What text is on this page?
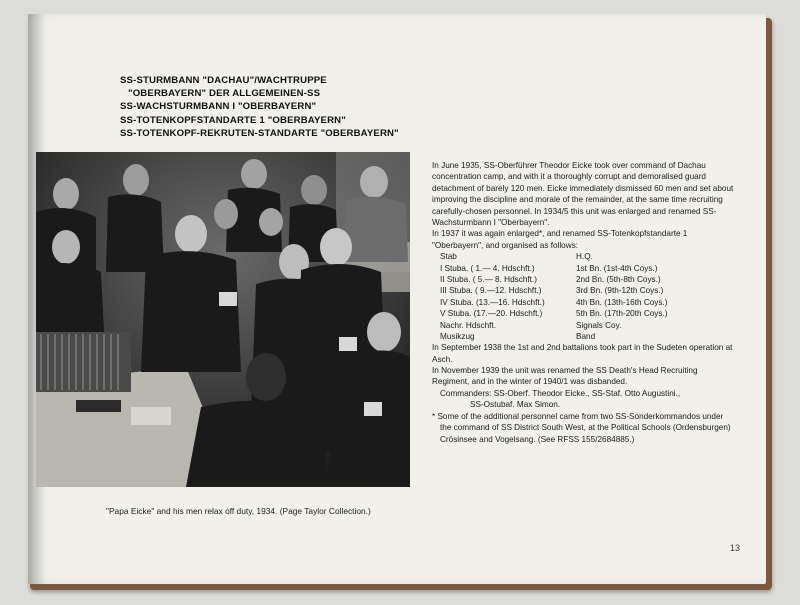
SS-STURMBANN "DACHAU"/WACHTRUPPE
"OBERBAYERN" DER ALLGEMEINEN-SS
SS-WACHSTURMBANN I "OBERBAYERN"
SS-TOTENKOPFSTANDARTE 1 "OBERBAYERN"
SS-TOTENKOPF-REKRUTEN-STANDARTE "OBERBAYERN"
"Papa Eicke" and his men relax off duty, 1934. (Page Taylor Collection.)

In June 1935, SS-Oberführer Theodor Eicke took over command of Dachau concentration camp, and with it a thoroughly corrupt and demoralised guard detachment of barely 120 men. Eicke immediately dismissed 60 men and set about improving the discipline and morale of the remainder, at the same time recruiting carefully-chosen personnel. In 1934/5 this unit was enlarged and renamed SS-Wachsturmbann I "Oberbayern".

In 1937 it was again enlarged*, and renamed SS-Totenkopfstandarte 1 "Oberbayern", and organised as follows:

Stab	H.Q.
I Stuba. ( 1.— 4. Hdschft.)	1st Bn. (1st-4th Coys.)
II Stuba. ( 5.— 8. Hdschft.)	2nd Bn. (5th-8th Coys.)
III Stuba. ( 9.—12. Hdschft.)	3rd Bn. (9th-12th Coys.)
IV Stuba. (13.—16. Hdschft.)	4th Bn. (13th-16th Coys.)
V Stuba. (17.—20. Hdschft.)	5th Bn. (17th-20th Coys.)
Nachr. Hdschft.	Signals Coy.
Musikzug	Band

In September 1938 the 1st and 2nd battalions took part in the Sudeten operation at Asch.

In November 1939 the unit was renamed the SS Death's Head Recruiting Regiment, and in the winter of 1940/1 was disbanded.

Commanders: SS-Oberf. Theodor Eicke., SS-Staf. Otto Augustini.,

SS-Ostubaf. Max Simon.

* Some of the additional personnel came from two SS-Sonderkommandos under the command of SS District South West, at the Political Schools (Ordensburgen) Crösinsee and Vogelsang. (See RFSS 155/2684885.)

13
